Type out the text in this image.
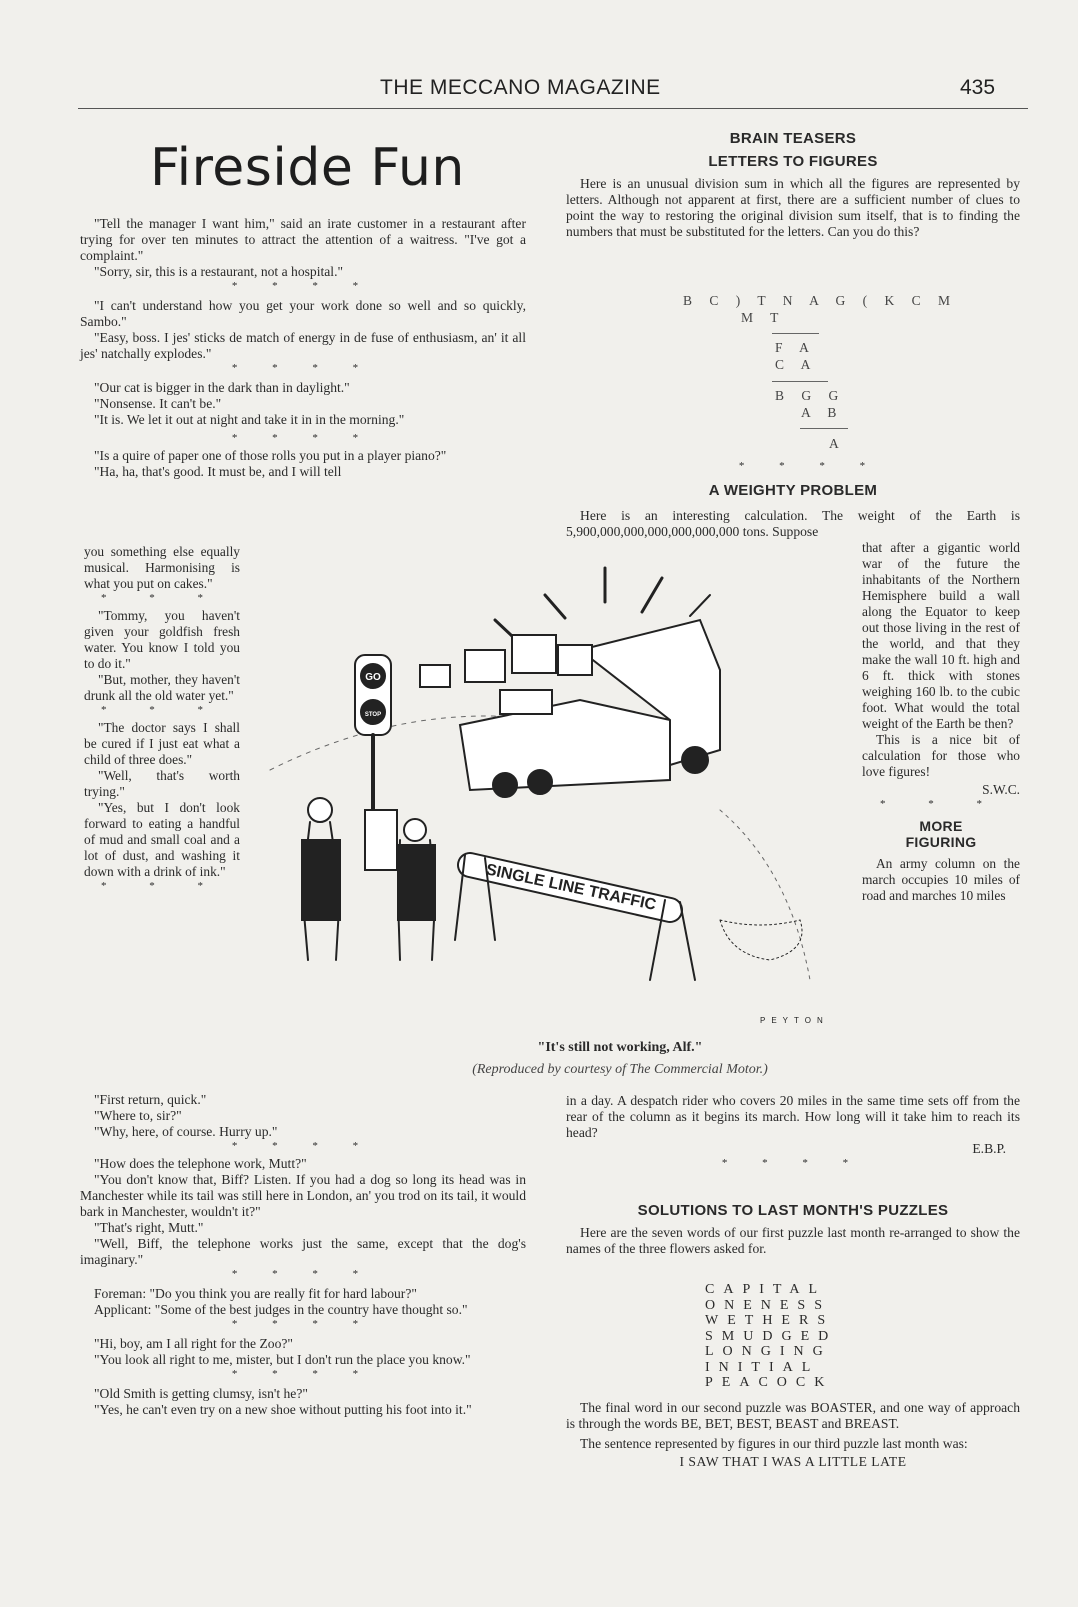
THE MECCANO MAGAZINE	435
Fireside Fun

"Tell the manager I want him," said an irate customer in a restaurant after trying for over ten minutes to attract the attention of a waitress. "I've got a complaint."

"Sorry, sir, this is a restaurant, not a hospital."

* * * *

"I can't understand how you get your work done so well and so quickly, Sambo."

"Easy, boss. I jes' sticks de match of energy in de fuse of enthusiasm, an' it all jes' natchally explodes."

* * * *

"Our cat is bigger in the dark than in daylight."

"Nonsense. It can't be."

"It is. We let it out at night and take it in in the morning."

* * * *

"Is a quire of paper one of those rolls you put in a player piano?"

"Ha, ha, that's good. It must be, and I will tell

you something else equally musical. Harmonising is what you put on cakes."

* * *

"Tommy, you haven't given your goldfish fresh water. You know I told you to do it."

"But, mother, they haven't drunk all the old water yet."

* * *

"The doctor says I shall be cured if I just eat what a child of three does."

"Well, that's worth trying."

"Yes, but I don't look forward to eating a handful of mud and small coal and a lot of dust, and washing it down with a drink of ink."

* * *

"First return, quick."

"Where to, sir?"

"Why, here, of course. Hurry up."

* * * *

"How does the telephone work, Mutt?"

"You don't know that, Biff? Listen. If you had a dog so long its head was in Manchester while its tail was still here in London, an' you trod on its tail, it would bark in Manchester, wouldn't it?"

"That's right, Mutt."

"Well, Biff, the telephone works just the same, except that the dog's imaginary."

* * * *

Foreman: "Do you think you are really fit for hard labour?"

Applicant: "Some of the best judges in the country have thought so."

* * * *

"Hi, boy, am I all right for the Zoo?"

"You look all right to me, mister, but I don't run the place you know."

* * * *

"Old Smith is getting clumsy, isn't he?"

"Yes, he can't even try on a new shoe without putting his foot into it."

BRAIN TEASERS
LETTERS TO FIGURES

Here is an unusual division sum in which all the figures are represented by letters. Although not apparent at first, there are a sufficient number of clues to point the way to restoring the original division sum itself, that is to finding the numbers that must be substituted for the letters. Can you do this?

B C ) T N A G ( K C M
M T
F A
C A
B G G
A B
A
* * * *
A WEIGHTY PROBLEM

Here is an interesting calculation. The weight of the Earth is 5,900,000,000,000,000,000,000 tons. Suppose

that after a gigantic world war of the future the inhabitants of the Northern Hemisphere build a wall along the Equator to keep out those living in the rest of the world, and that they make the wall 10 ft. high and 6 ft. thick with stones weighing 160 lb. to the cubic foot. What would the total weight of the Earth be then?

This is a nice bit of calculation for those who love figures!

S.W.C.
* * *
MORE
FIGURING

An army column on the march occupies 10 miles of road and marches 10 miles

in a day. A despatch rider who covers 20 miles in the same time sets off from the rear of the column as it begins its march. How long will it take him to reach its head?

E.B.P.
* * * *
SOLUTIONS TO LAST MONTH'S PUZZLES

Here are the seven words of our first puzzle last month re-arranged to show the names of the three flowers asked for.

CAPITAL
ONENESS
WETHERS
SMUDGED
LONGING
INITIAL
PEACOCK

The final word in our second puzzle was BOASTER, and one way of approach is through the words BE, BET, BEST, BEAST and BREAST.

The sentence represented by figures in our third puzzle last month was:

I SAW THAT I WAS A LITTLE LATE
SINGLE LINE TRAFFIC
GO
STOP
PEYTON
"It's still not working, Alf."
(Reproduced by courtesy of The Commercial Motor.)
